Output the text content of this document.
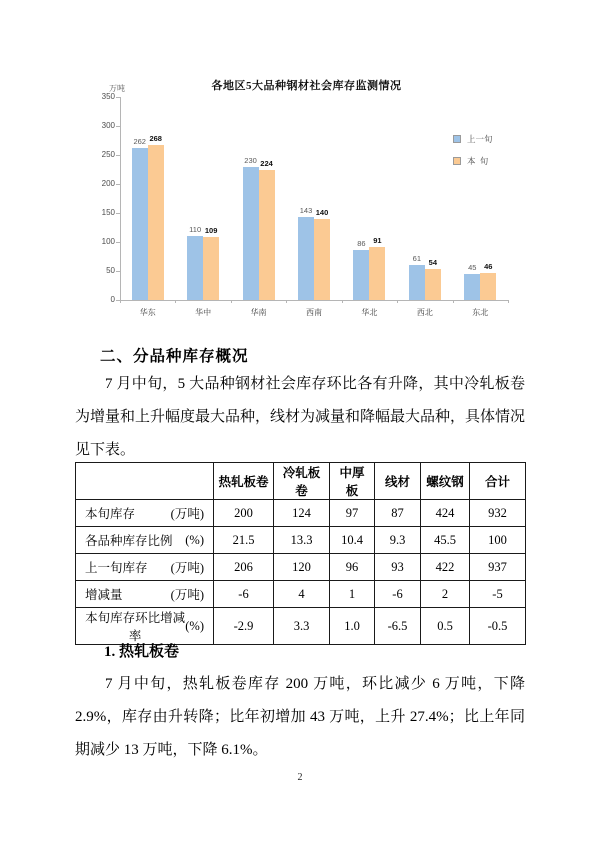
各地区5大品种钢材社会库存监测情况
万吨
上一旬
本  旬
0
50
100
150
200
250
300
350
华东
262 268
华中
110 109
华南
230 224
西南
143 140
华北
86	91
西北
61	54
东北
45	46
二、分品种库存概况
7 月中旬，5 大品种钢材社会库存环比各有升降，其中冷轧板卷为增量和上升幅度最大品种，线材为减量和降幅最大品种，具体情况见下表。
	热轧板卷	冷轧板卷	中厚板	线材	螺纹钢	合计

本旬库存 (万吨)	200	124	97	87	424	932

各品种库存比例 (%)	21.5	13.3	10.4	9.3	45.5	100

上一旬库存 (万吨)	206	120	96	93	422	937

增减量 (万吨)	-6	4	1	-6	2	-5

本旬库存环比增减率
(%)	-2.9	3.3	1.0	-6.5	0.5	-0.5
1. 热轧板卷
7 月中旬，热轧板卷库存 200 万吨，环比减少 6 万吨，下降 2.9%，库存由升转降；比年初增加 43 万吨，上升 27.4%；比上年同期减少 13 万吨，下降 6.1%。
2
